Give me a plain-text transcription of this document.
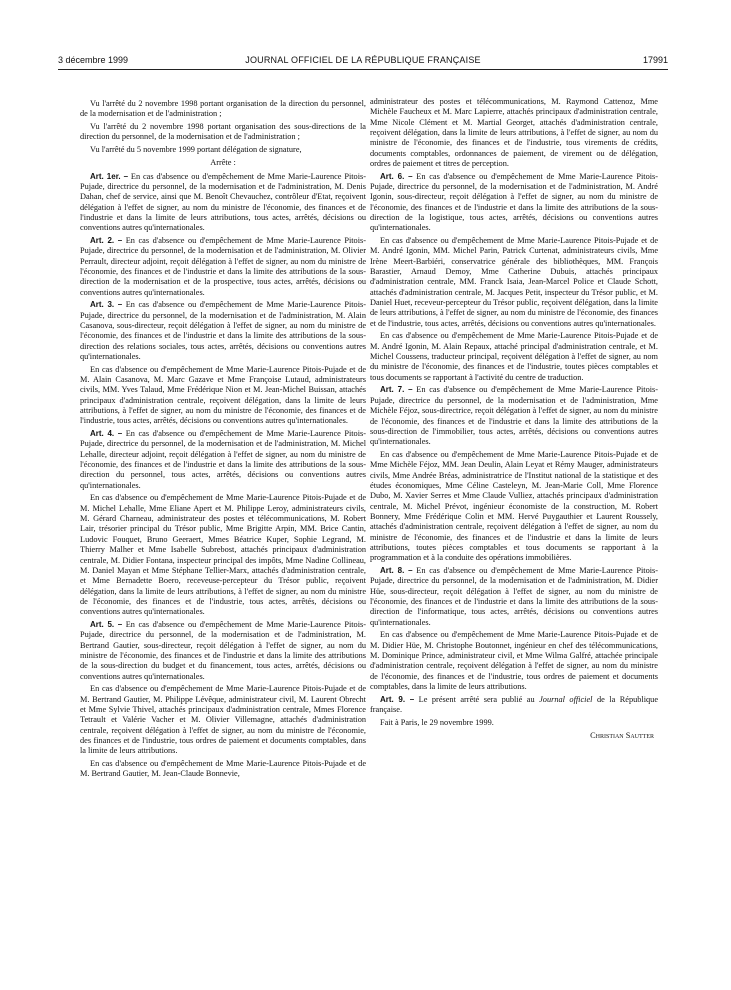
3 décembre 1999	JOURNAL OFFICIEL DE LA RÉPUBLIQUE FRANÇAISE	17991

Vu l'arrêté du 2 novembre 1998 portant organisation de la direction du personnel, de la modernisation et de l'administration ;

Vu l'arrêté du 2 novembre 1998 portant organisation des sous-directions de la direction du personnel, de la modernisation et de l'administration ;

Vu l'arrêté du 5 novembre 1999 portant délégation de signature,

Arrête :

Art. 1er. – En cas d'absence ou d'empêchement de Mme Marie-Laurence Pitois-Pujade, directrice du personnel, de la modernisation et de l'administration, M. Denis Dahan, chef de service, ainsi que M. Benoît Chevauchez, contrôleur d'Etat, reçoivent délégation à l'effet de signer, au nom du ministre de l'économie, des finances et de l'industrie et dans la limite de leurs attributions, tous actes, arrêtés, décisions ou conventions autres qu'internationales.

Art. 2. – En cas d'absence ou d'empêchement de Mme Marie-Laurence Pitois-Pujade, directrice du personnel, de la modernisation et de l'administration, M. Olivier Perrault, directeur adjoint, reçoit délégation à l'effet de signer, au nom du ministre de l'économie, des finances et de l'industrie et dans la limite des attributions de la sous-direction de la modernisation et de la prospective, tous actes, arrêtés, décisions ou conventions autres qu'internationales.

Art. 3. – En cas d'absence ou d'empêchement de Mme Marie-Laurence Pitois-Pujade, directrice du personnel, de la modernisation et de l'administration, M. Alain Casanova, sous-directeur, reçoit délégation à l'effet de signer, au nom du ministre de l'économie, des finances et de l'industrie et dans la limite des attributions de la sous-direction des relations sociales, tous actes, arrêtés, décisions ou conventions autres qu'internationales.

En cas d'absence ou d'empêchement de Mme Marie-Laurence Pitois-Pujade et de M. Alain Casanova, M. Marc Gazave et Mme Françoise Lutaud, administrateurs civils, MM. Yves Talaud, Mme Frédérique Nion et M. Jean-Michel Buissan, attachés principaux d'administration centrale, reçoivent délégation, dans la limite de leurs attributions, à l'effet de signer, au nom du ministre de l'économie, des finances et de l'industrie, tous actes, arrêtés, décisions ou conventions autres qu'internationales.

Art. 4. – En cas d'absence ou d'empêchement de Mme Marie-Laurence Pitois-Pujade, directrice du personnel, de la modernisation et de l'administration, M. Michel Lehalle, directeur adjoint, reçoit délégation à l'effet de signer, au nom du ministre de l'économie, des finances et de l'industrie et dans la limite des attributions de la sous-direction du personnel, tous actes, arrêtés, décisions ou conventions autres qu'internationales.

En cas d'absence ou d'empêchement de Mme Marie-Laurence Pitois-Pujade et de M. Michel Lehalle, Mme Eliane Apert et M. Philippe Leroy, administrateurs civils, M. Gérard Charneau, administrateur des postes et télécommunications, M. Robert Lair, trésorier principal du Trésor public, Mme Brigitte Arpin, MM. Brice Cantin, Ludovic Fouquet, Bruno Geeraert, Mmes Béatrice Kuper, Sophie Legrand, M. Thierry Malher et Mme Isabelle Subrebost, attachés principaux d'administration centrale, M. Didier Fontana, inspecteur principal des impôts, Mme Nadine Collineau, M. Daniel Mayan et Mme Stéphane Tellier-Marx, attachés d'administration centrale, et Mme Bernadette Boero, receveuse-percepteur du Trésor public, reçoivent délégation, dans la limite de leurs attributions, à l'effet de signer, au nom du ministre de l'économie, des finances et de l'industrie, tous actes, arrêtés, décisions ou conventions autres qu'internationales.

Art. 5. – En cas d'absence ou d'empêchement de Mme Marie-Laurence Pitois-Pujade, directrice du personnel, de la modernisation et de l'administration, M. Bertrand Gautier, sous-directeur, reçoit délégation à l'effet de signer, au nom du ministre de l'économie, des finances et de l'industrie et dans la limite des attributions de la sous-direction du budget et du financement, tous actes, arrêtés, décisions ou conventions autres qu'internationales.

En cas d'absence ou d'empêchement de Mme Marie-Laurence Pitois-Pujade et de M. Bertrand Gautier, M. Philippe Lévêque, administrateur civil, M. Laurent Obrecht et Mme Sylvie Thivel, attachés principaux d'administration centrale, Mmes Florence Tetrault et Valérie Vacher et M. Olivier Villemagne, attachés d'administration centrale, reçoivent délégation à l'effet de signer, au nom du ministre de l'économie, des finances et de l'industrie, tous ordres de paiement et documents comptables, dans la limite de leurs attributions.

En cas d'absence ou d'empêchement de Mme Marie-Laurence Pitois-Pujade et de M. Bertrand Gautier, M. Jean-Claude Bonnevie,

administrateur des postes et télécommunications, M. Raymond Cattenoz, Mme Michèle Faucheux et M. Marc Lapierre, attachés principaux d'administration centrale, Mme Nicole Clément et M. Martial Georget, attachés d'administration centrale, reçoivent délégation, dans la limite de leurs attributions, à l'effet de signer, au nom du ministre de l'économie, des finances et de l'industrie, tous virements de crédits, documents comptables, ordonnances de paiement, de virement ou de délégation, ordres de paiement et titres de perception.

Art. 6. – En cas d'absence ou d'empêchement de Mme Marie-Laurence Pitois-Pujade, directrice du personnel, de la modernisation et de l'administration, M. André Igonin, sous-directeur, reçoit délégation à l'effet de signer, au nom du ministre de l'économie, des finances et de l'industrie et dans la limite des attributions de la sous-direction de la logistique, tous actes, arrêtés, décisions ou conventions autres qu'internationales.

En cas d'absence ou d'empêchement de Mme Marie-Laurence Pitois-Pujade et de M. André Igonin, MM. Michel Parin, Patrick Curtenat, administrateurs civils, Mme Irène Meert-Barbiéri, conservatrice générale des bibliothèques, MM. François Barastier, Arnaud Demoy, Mme Catherine Dubuis, attachés principaux d'administration centrale, MM. Franck Isaia, Jean-Marcel Police et Claude Schott, attachés d'administration centrale, M. Jacques Petit, inspecteur du Trésor public, et M. Daniel Huet, receveur-percepteur du Trésor public, reçoivent délégation, dans la limite de leurs attributions, à l'effet de signer, au nom du ministre de l'économie, des finances et de l'industrie, tous actes, arrêtés, décisions ou conventions autres qu'internationales.

En cas d'absence ou d'empêchement de Mme Marie-Laurence Pitois-Pujade et de M. André Igonin, M. Alain Repaux, attaché principal d'administration centrale, et M. Michel Coussens, traducteur principal, reçoivent délégation à l'effet de signer, au nom du ministre de l'économie, des finances et de l'industrie, toutes pièces comptables et tous documents se rapportant à l'activité du centre de traduction.

Art. 7. – En cas d'absence ou d'empêchement de Mme Marie-Laurence Pitois-Pujade, directrice du personnel, de la modernisation et de l'administration, Mme Michèle Féjoz, sous-directrice, reçoit délégation à l'effet de signer, au nom du ministre de l'économie, des finances et de l'industrie et dans la limite des attributions de la sous-direction de l'immobilier, tous actes, arrêtés, décisions ou conventions autres qu'internationales.

En cas d'absence ou d'empêchement de Mme Marie-Laurence Pitois-Pujade et de Mme Michèle Féjoz, MM. Jean Deulin, Alain Leyat et Rémy Mauger, administrateurs civils, Mme Andrée Bréas, administratrice de l'Institut national de la statistique et des études économiques, Mme Céline Casteleyn, M. Jean-Marie Coll, Mme Florence Dubo, M. Xavier Serres et Mme Claude Vulliez, attachés principaux d'administration centrale, M. Michel Prévot, ingénieur économiste de la construction, M. Robert Bonnery, Mme Frédérique Colin et MM. Hervé Puygauthier et Laurent Roussely, attachés d'administration centrale, reçoivent délégation à l'effet de signer, au nom du ministre de l'économie, des finances et de l'industrie et dans la limite de leurs attributions, toutes pièces comptables et tous documents se rapportant à la programmation et à la conduite des opérations immobilières.

Art. 8. – En cas d'absence ou d'empêchement de Mme Marie-Laurence Pitois-Pujade, directrice du personnel, de la modernisation et de l'administration, M. Didier Hüe, sous-directeur, reçoit délégation à l'effet de signer, au nom du ministre de l'économie, des finances et de l'industrie et dans la limite des attributions de la sous-direction de l'informatique, tous actes, arrêtés, décisions ou conventions autres qu'internationales.

En cas d'absence ou d'empêchement de Mme Marie-Laurence Pitois-Pujade et de M. Didier Hüe, M. Christophe Boutonnet, ingénieur en chef des télécommunications, M. Dominique Prince, administrateur civil, et Mme Wilma Galfré, attachée principale d'administration centrale, reçoivent délégation à l'effet de signer, au nom du ministre de l'économie, des finances et de l'industrie, tous ordres de paiement et documents comptables, dans la limite de leurs attributions.

Art. 9. – Le présent arrêté sera publié au Journal officiel de la République française.

Fait à Paris, le 29 novembre 1999.

Christian Sautter
